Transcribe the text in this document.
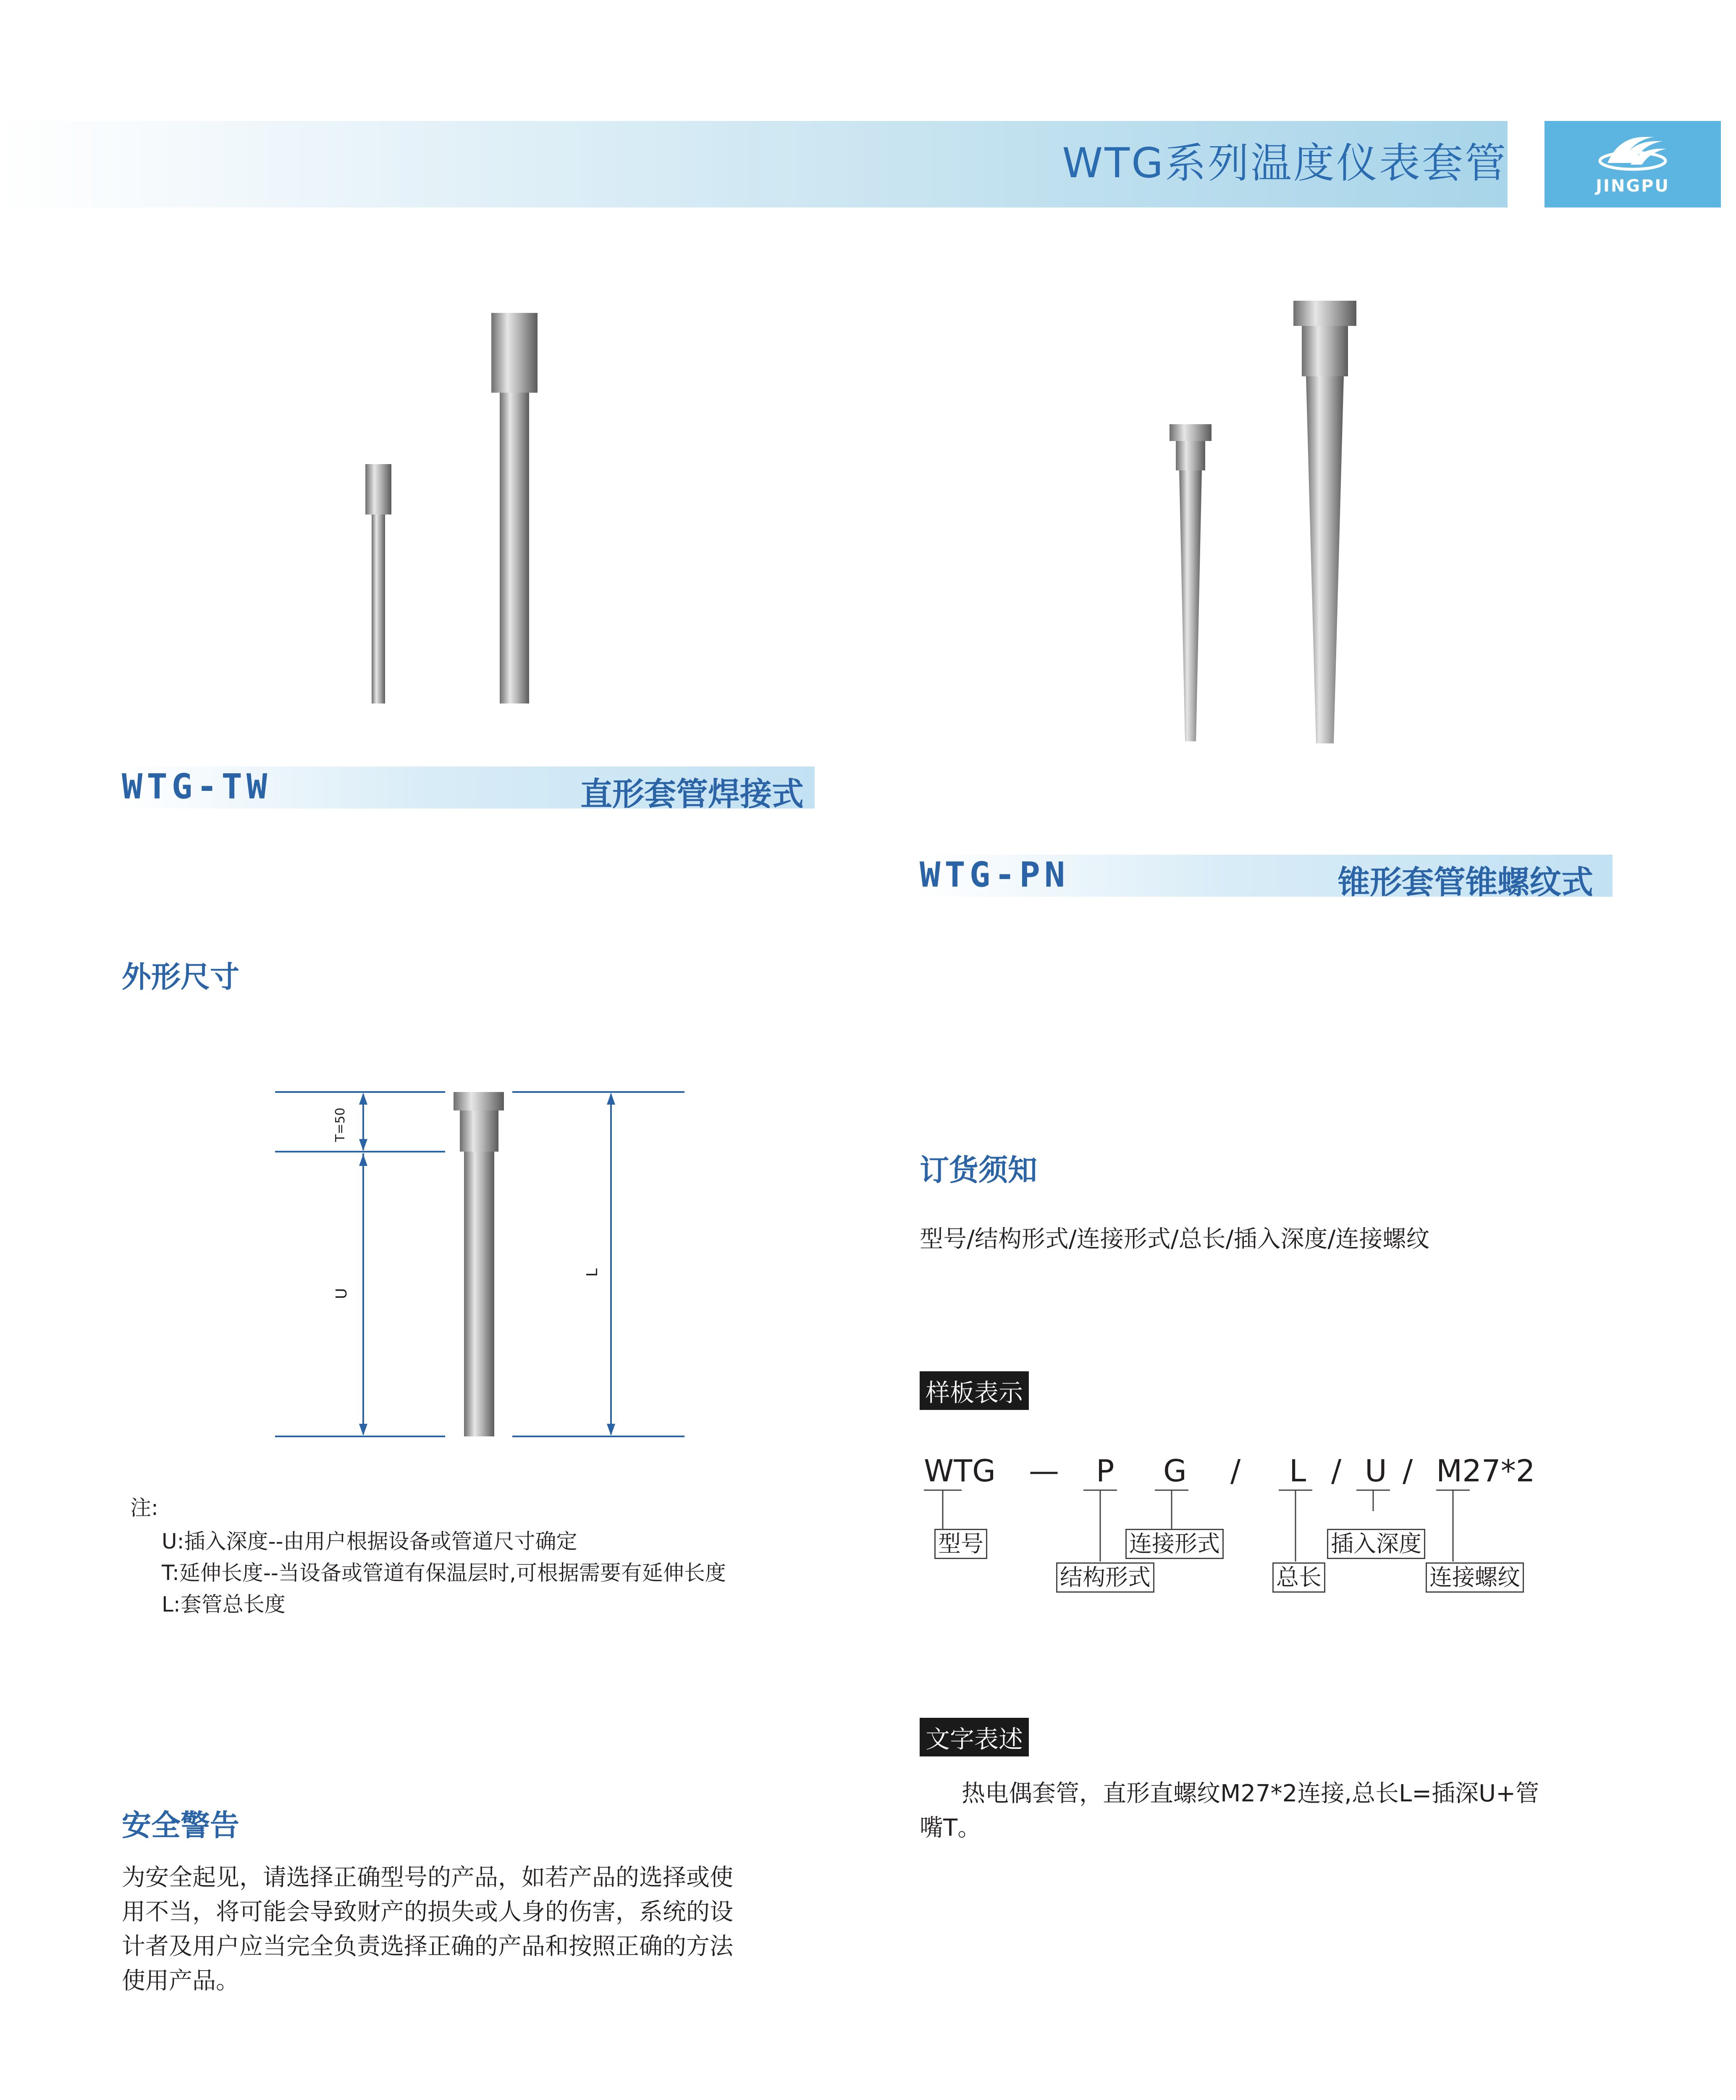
WTG系列温度仪表套管	JINGPU
WTG-TW	直形套管焊接式
WTG-PN	锥形套管锥螺纹式
外形尺寸
T=50
U
L
注:
U:插入深度--由用户根据设备或管道尺寸确定
T:延伸长度--当设备或管道有保温层时,可根据需要有延伸长度
L:套管总长度
安全警告
为安全起见，请选择正确型号的产品，如若产品的选择或使
用不当，将可能会导致财产的损失或人身的伤害，系统的设
计者及用户应当完全负责选择正确的产品和按照正确的方法
使用产品。
订货须知
型号/结构形式/连接形式/总长/插入深度/连接螺纹
样板表示
WTG — P G / L / U / M27*2
型号	连接形式	插入深度
结构形式	总长	连接螺纹
文字表述
热电偶套管，直形直螺纹M27*2连接,总长L=插深U+管
嘴T。
